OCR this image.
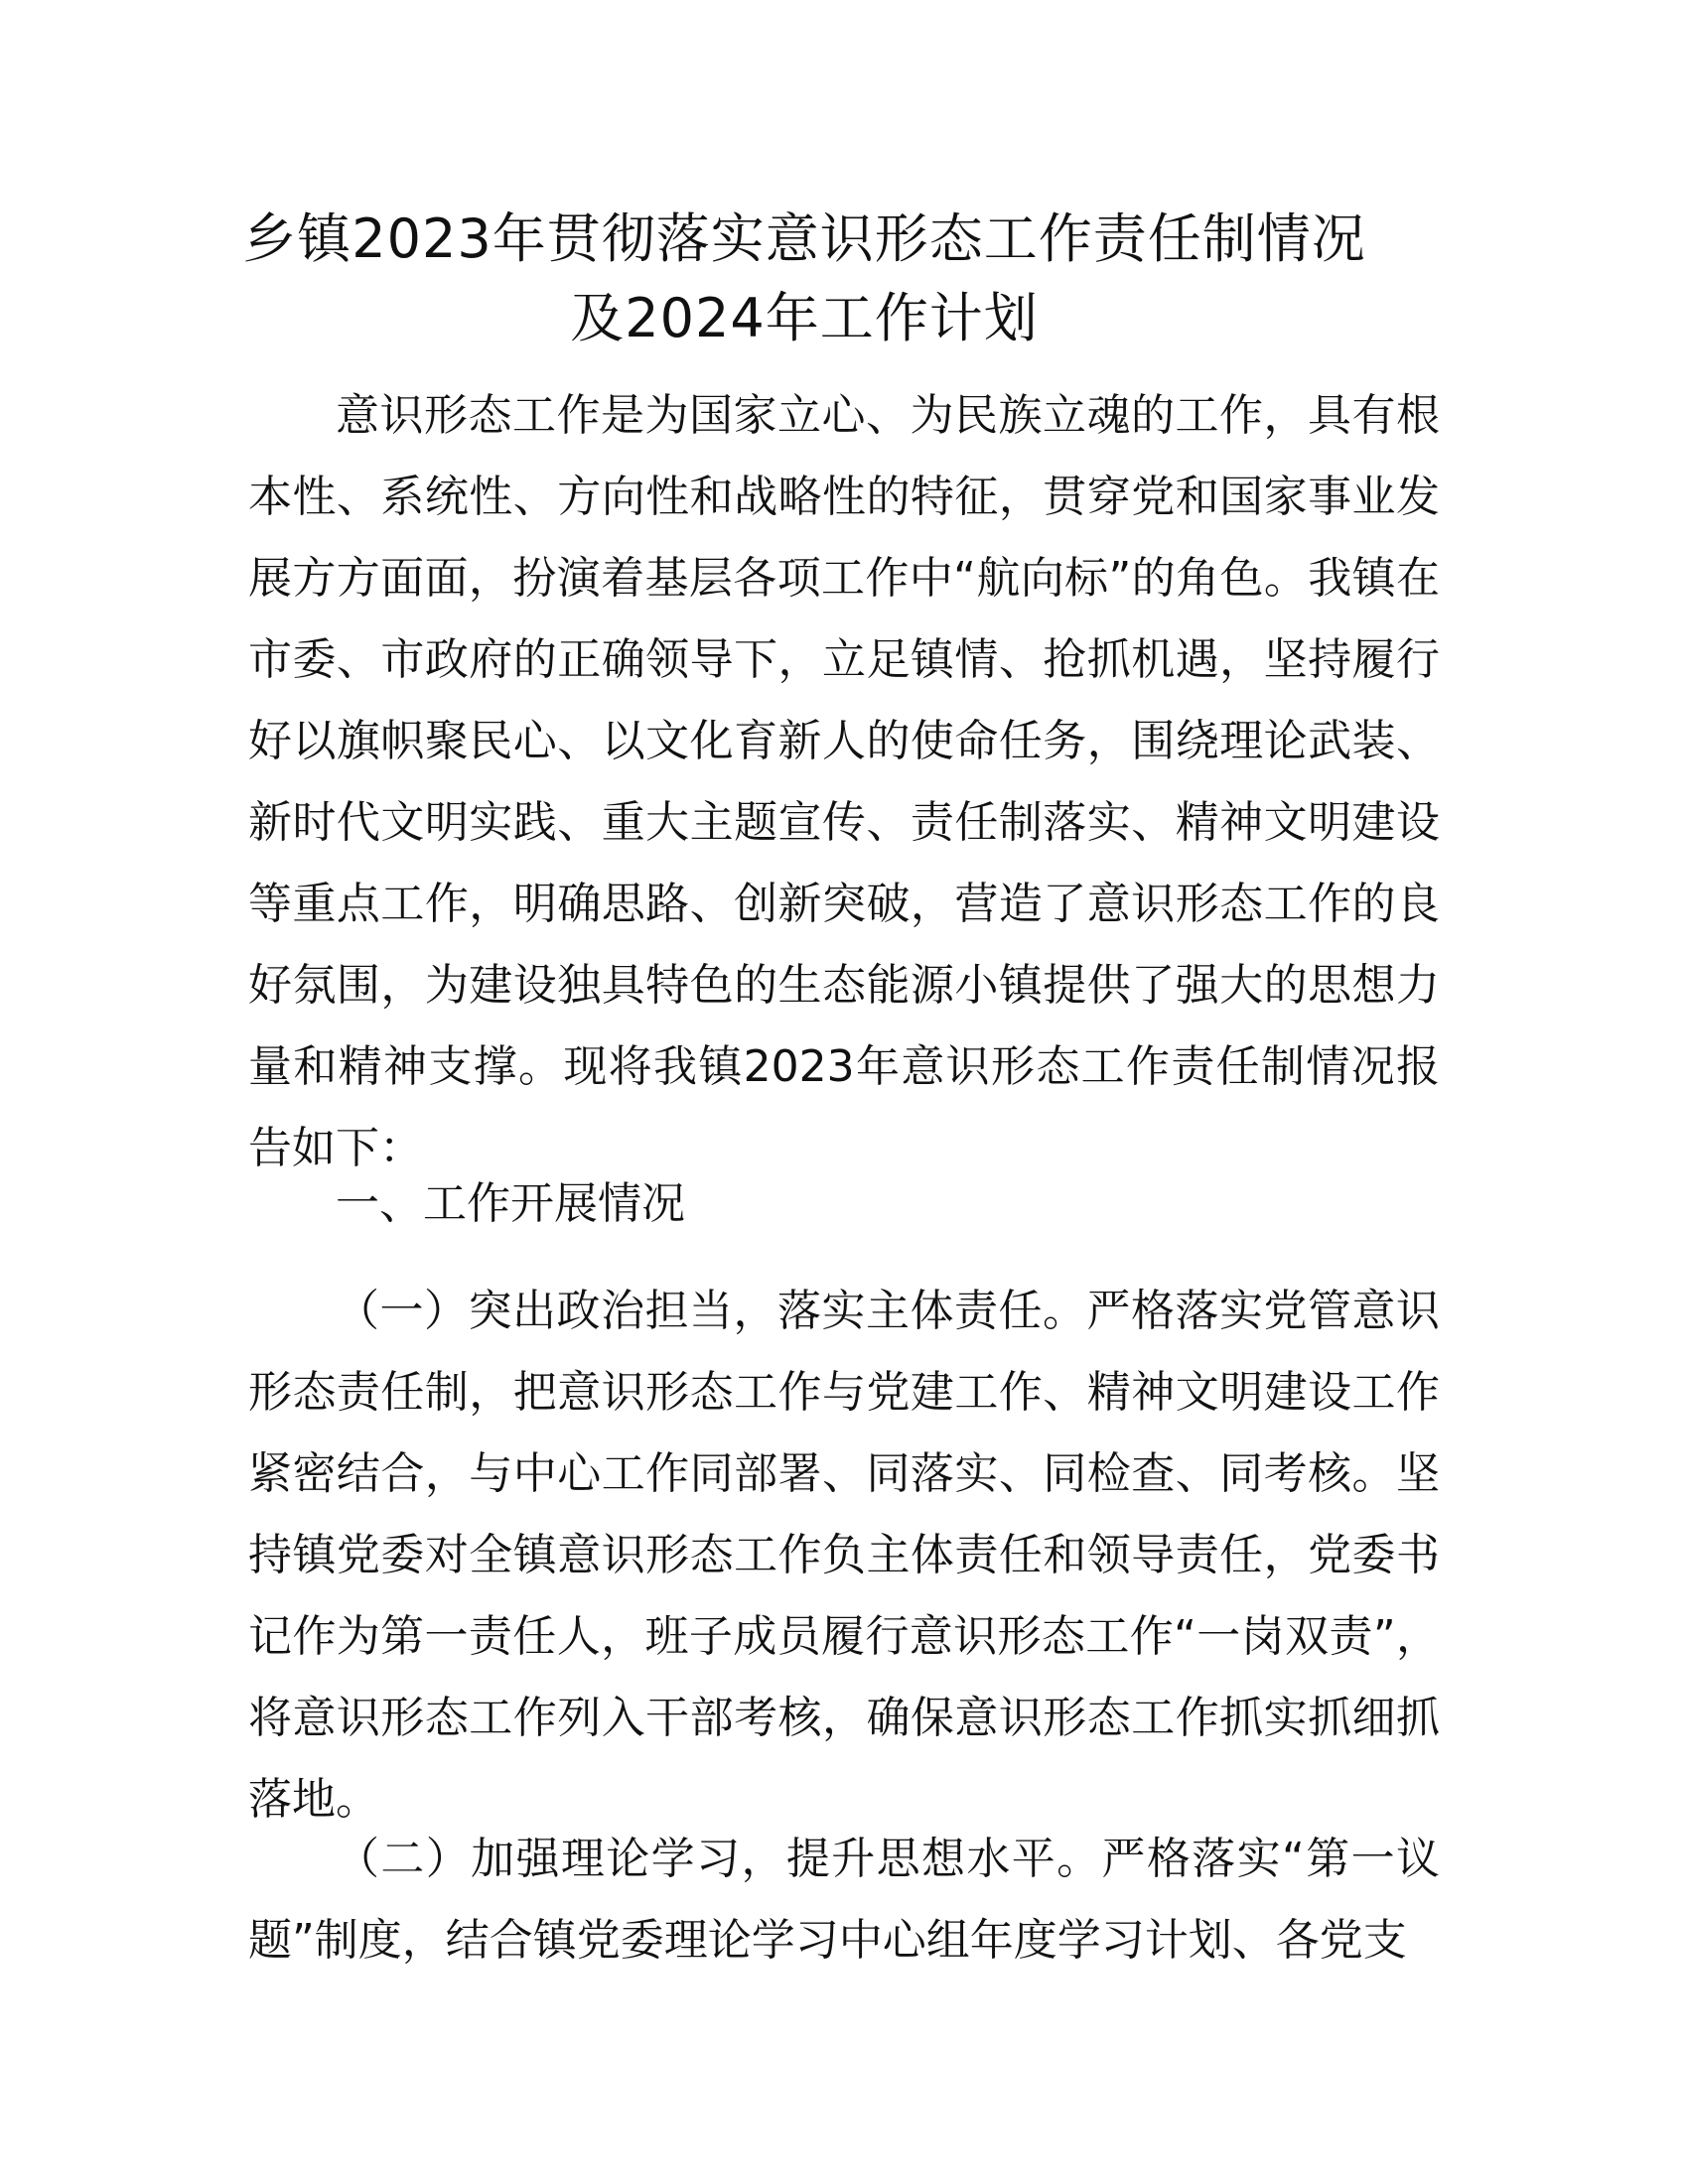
乡镇2023年贯彻落实意识形态工作责任制情况
及2024年工作计划

意识形态工作是为国家立心、为民族立魂的工作，具有根本性、系统性、方向性和战略性的特征，贯穿党和国家事业发展方方面面，扮演着基层各项工作中“航向标”的角色。我镇在市委、市政府的正确领导下，立足镇情、抢抓机遇，坚持履行好以旗帜聚民心、以文化育新人的使命任务，围绕理论武装、新时代文明实践、重大主题宣传、责任制落实、精神文明建设等重点工作，明确思路、创新突破，营造了意识形态工作的良好氛围，为建设独具特色的生态能源小镇提供了强大的思想力量和精神支撑。现将我镇2023年意识形态工作责任制情况报告如下：

一、工作开展情况

（一）突出政治担当，落实主体责任。严格落实党管意识形态责任制，把意识形态工作与党建工作、精神文明建设工作紧密结合，与中心工作同部署、同落实、同检查、同考核。坚持镇党委对全镇意识形态工作负主体责任和领导责任，党委书记作为第一责任人，班子成员履行意识形态工作“一岗双责”，将意识形态工作列入干部考核，确保意识形态工作抓实抓细抓落地。

（二）加强理论学习，提升思想水平。严格落实“第一议题”制度，结合镇党委理论学习中心组年度学习计划、各党支
